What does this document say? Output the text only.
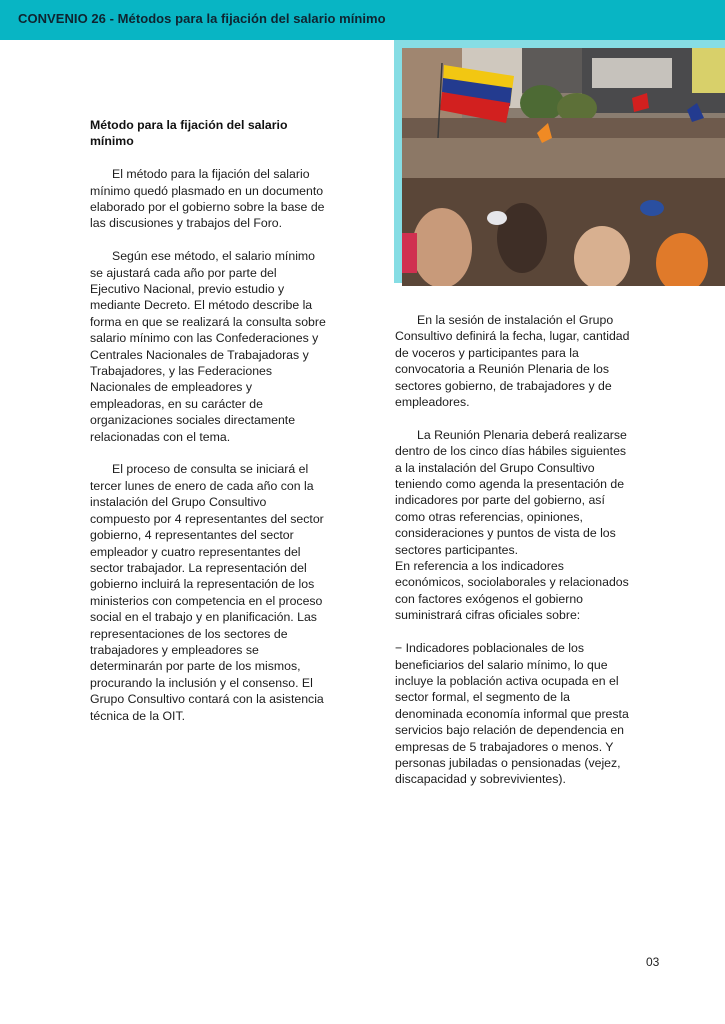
CONVENIO 26 - Métodos para la fijación del salario mínimo
Método para la fijación del salario mínimo

El método para la fijación del salario mínimo quedó plasmado en un documento elaborado por el gobierno sobre la base de las discusiones y trabajos del Foro.

Según ese método, el salario mínimo se ajustará cada año por parte del Ejecutivo Nacional, previo estudio y mediante Decreto. El método describe la forma en que se realizará la consulta sobre salario mínimo con las Confederaciones y Centrales Nacionales de Trabajadoras y Trabajadores, y las Federaciones Nacionales de empleadores y empleadoras, en su carácter de organizaciones sociales directamente relacionadas con el tema.

El proceso de consulta se iniciará el tercer lunes de enero de cada año con la instalación del Grupo Consultivo compuesto por 4 representantes del sector gobierno, 4 representantes del sector empleador y cuatro representantes del sector trabajador. La representación del gobierno incluirá la representación de los ministerios con competencia en el proceso social en el trabajo y en planificación. Las representaciones de los sectores de trabajadores y empleadores se determinarán por parte de los mismos, procurando la inclusión y el consenso. El Grupo Consultivo contará con la asistencia técnica de la OIT.

En la sesión de instalación el Grupo Consultivo definirá la fecha, lugar, cantidad de voceros y participantes para la convocatoria a Reunión Plenaria de los sectores gobierno, de trabajadores y de empleadores.

La Reunión Plenaria deberá realizarse dentro de los cinco días hábiles siguientes a la instalación del Grupo Consultivo teniendo como agenda la presentación de indicadores por parte del gobierno, así como otras referencias, opiniones, consideraciones y puntos de vista de los sectores participantes.

En referencia a los indicadores económicos, sociolaborales y relacionados con factores exógenos el gobierno suministrará cifras oficiales sobre:

− Indicadores poblacionales de los beneficiarios del salario mínimo, lo que incluye la población activa ocupada en el sector formal, el segmento de la denominada economía informal que presta servicios bajo relación de dependencia en empresas de 5 trabajadores o menos. Y personas jubiladas o pensionadas (vejez, discapacidad y sobrevivientes).

03
